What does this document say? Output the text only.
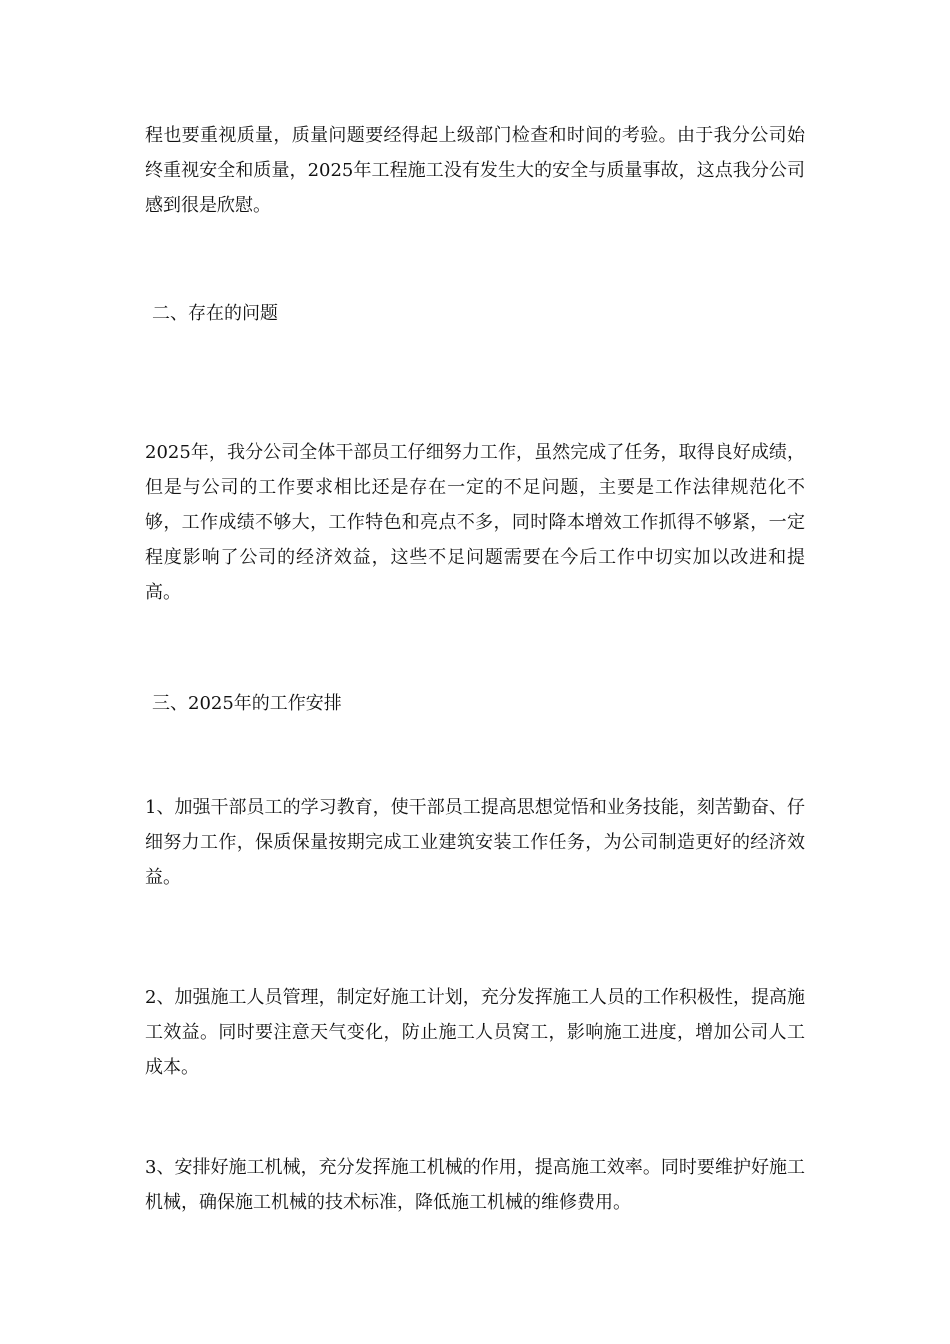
程也要重视质量，质量问题要经得起上级部门检查和时间的考验。由于我分公司始终重视安全和质量，2025年工程施工没有发生大的安全与质量事故，这点我分公司感到很是欣慰。

二、存在的问题

2025年，我分公司全体干部员工仔细努力工作，虽然完成了任务，取得良好成绩，但是与公司的工作要求相比还是存在一定的不足问题，主要是工作法律规范化不够，工作成绩不够大，工作特色和亮点不多，同时降本增效工作抓得不够紧，一定程度影响了公司的经济效益，这些不足问题需要在今后工作中切实加以改进和提高。

三、2025年的工作安排

1、加强干部员工的学习教育，使干部员工提高思想觉悟和业务技能，刻苦勤奋、仔细努力工作，保质保量按期完成工业建筑安装工作任务，为公司制造更好的经济效益。

2、加强施工人员管理，制定好施工计划，充分发挥施工人员的工作积极性，提高施工效益。同时要注意天气变化，防止施工人员窝工，影响施工进度，增加公司人工成本。

3、安排好施工机械，充分发挥施工机械的作用，提高施工效率。同时要维护好施工机械，确保施工机械的技术标准，降低施工机械的维修费用。
